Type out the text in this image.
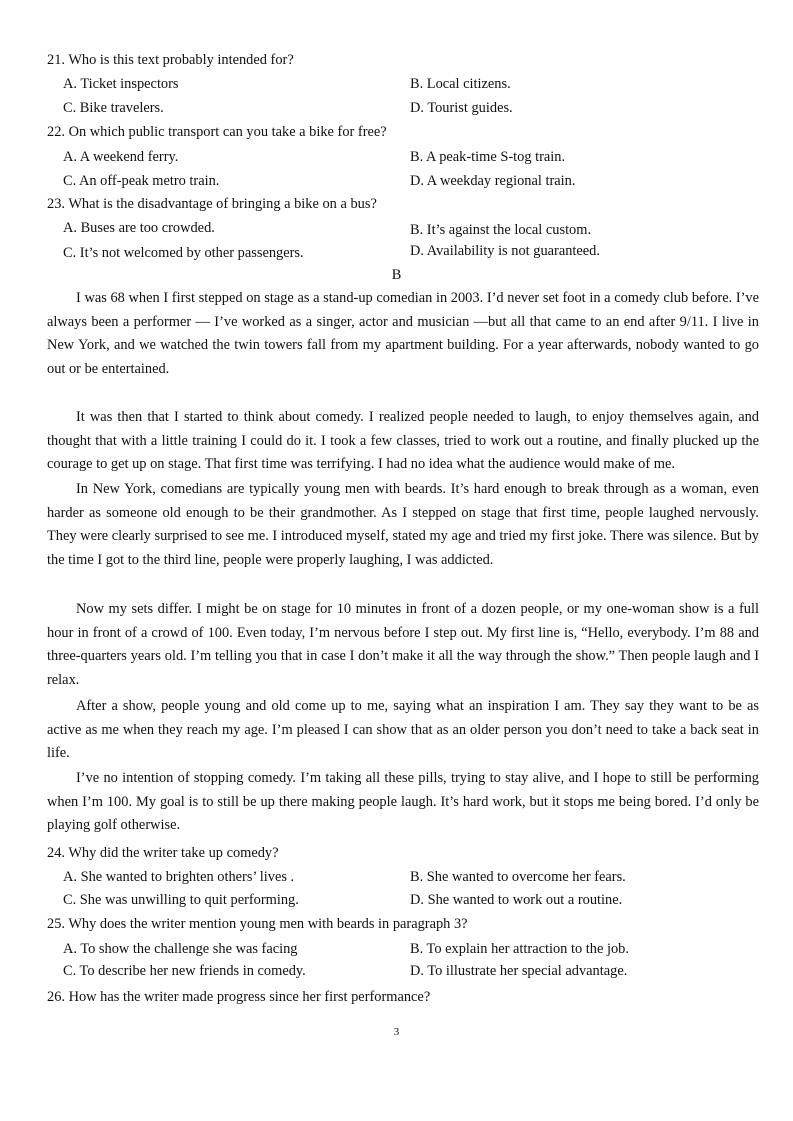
21. Who is this text probably intended for?
A. Ticket inspectors	B. Local citizens.
C. Bike travelers.	D. Tourist guides.
22. On which public transport can you take a bike for free?
A. A weekend ferry.	B. A peak-time S-tog train.
C. An off-peak metro train.	D. A weekday regional train.
23. What is the disadvantage of bringing a bike on a bus?
A. Buses are too crowded.	B. It’s against the local custom.
C. It’s not welcomed by other passengers.	D. Availability is not guaranteed.
B
I was 68 when I first stepped on stage as a stand-up comedian in 2003. I’d never set foot in a comedy club before. I’ve always been a performer — I’ve worked as a singer, actor and musician —but all that came to an end after 9/11. I live in New York, and we watched the twin towers fall from my apartment building. For a year afterwards, nobody wanted to go out or be entertained.
It was then that I started to think about comedy. I realized people needed to laugh, to enjoy themselves again, and thought that with a little training I could do it. I took a few classes, tried to work out a routine, and finally plucked up the courage to get up on stage. That first time was terrifying. I had no idea what the audience would make of me.
In New York, comedians are typically young men with beards. It’s hard enough to break through as a woman, even harder as someone old enough to be their grandmother. As I stepped on stage that first time, people laughed nervously. They were clearly surprised to see me. I introduced myself, stated my age and tried my first joke. There was silence. But by the time I got to the third line, people were properly laughing, I was addicted.
Now my sets differ. I might be on stage for 10 minutes in front of a dozen people, or my one-woman show is a full hour in front of a crowd of 100. Even today, I’m nervous before I step out. My first line is, “Hello, everybody. I’m 88 and three-quarters years old. I’m telling you that in case I don’t make it all the way through the show.” Then people laugh and I relax.
After a show, people young and old come up to me, saying what an inspiration I am. They say they want to be as active as me when they reach my age. I’m pleased I can show that as an older person you don’t need to take a back seat in life.
I’ve no intention of stopping comedy. I’m taking all these pills, trying to stay alive, and I hope to still be performing when I’m 100. My goal is to still be up there making people laugh. It’s hard work, but it stops me being bored. I’d only be playing golf otherwise.
24. Why did the writer take up comedy?
A. She wanted to brighten others’ lives .	B. She wanted to overcome her fears.
C. She was unwilling to quit performing.	D. She wanted to work out a routine.
25. Why does the writer mention young men with beards in paragraph 3?
A. To show the challenge she was facing	B. To explain her attraction to the job.
C. To describe her new friends in comedy.	D. To illustrate her special advantage.
26. How has the writer made progress since her first performance?
3
